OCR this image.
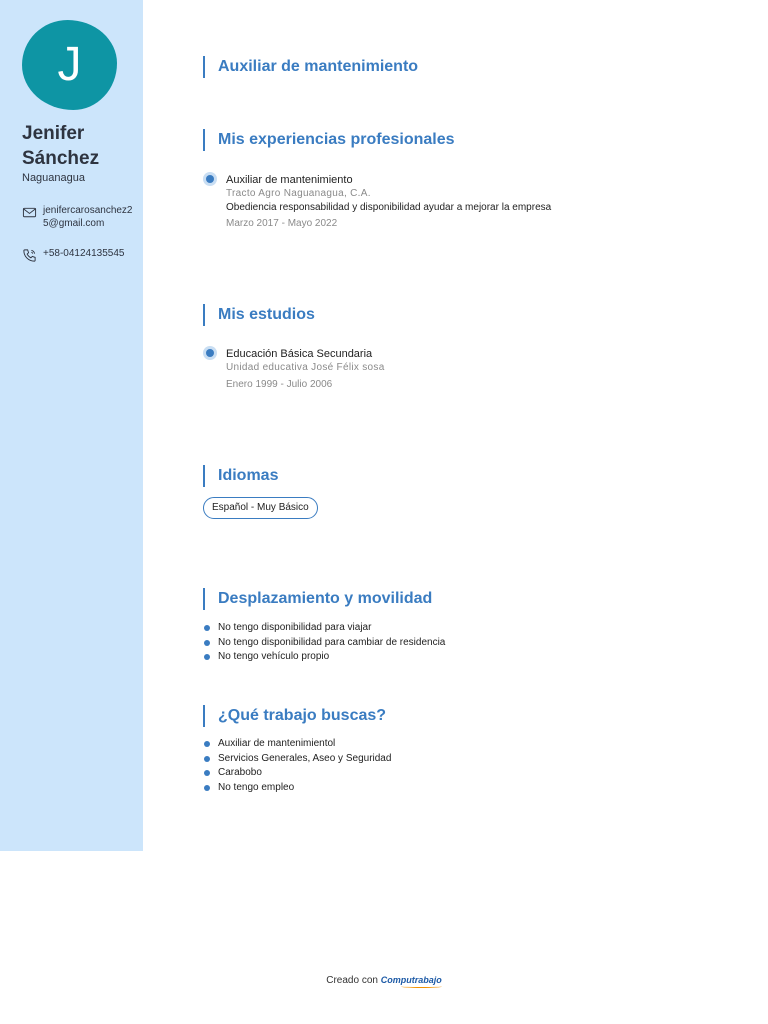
J
Jenifer Sánchez
Naguanagua
jenifercarosanchez25@gmail.com
+58-04124135545
Auxiliar de mantenimiento
Mis experiencias profesionales
Auxiliar de mantenimiento
Tracto Agro Naguanagua, C.A.
Obediencia responsabilidad y disponibilidad ayudar a mejorar la empresa
Marzo 2017 - Mayo 2022
Mis estudios
Educación Básica Secundaria
Unidad educativa José Félix sosa
Enero 1999 - Julio 2006
Idiomas
Español - Muy Básico
Desplazamiento y movilidad
No tengo disponibilidad para viajar
No tengo disponibilidad para cambiar de residencia
No tengo vehículo propio
¿Qué trabajo buscas?
Auxiliar de mantenimientol
Servicios Generales, Aseo y Seguridad
Carabobo
No tengo empleo
Creado con Computrabajo
